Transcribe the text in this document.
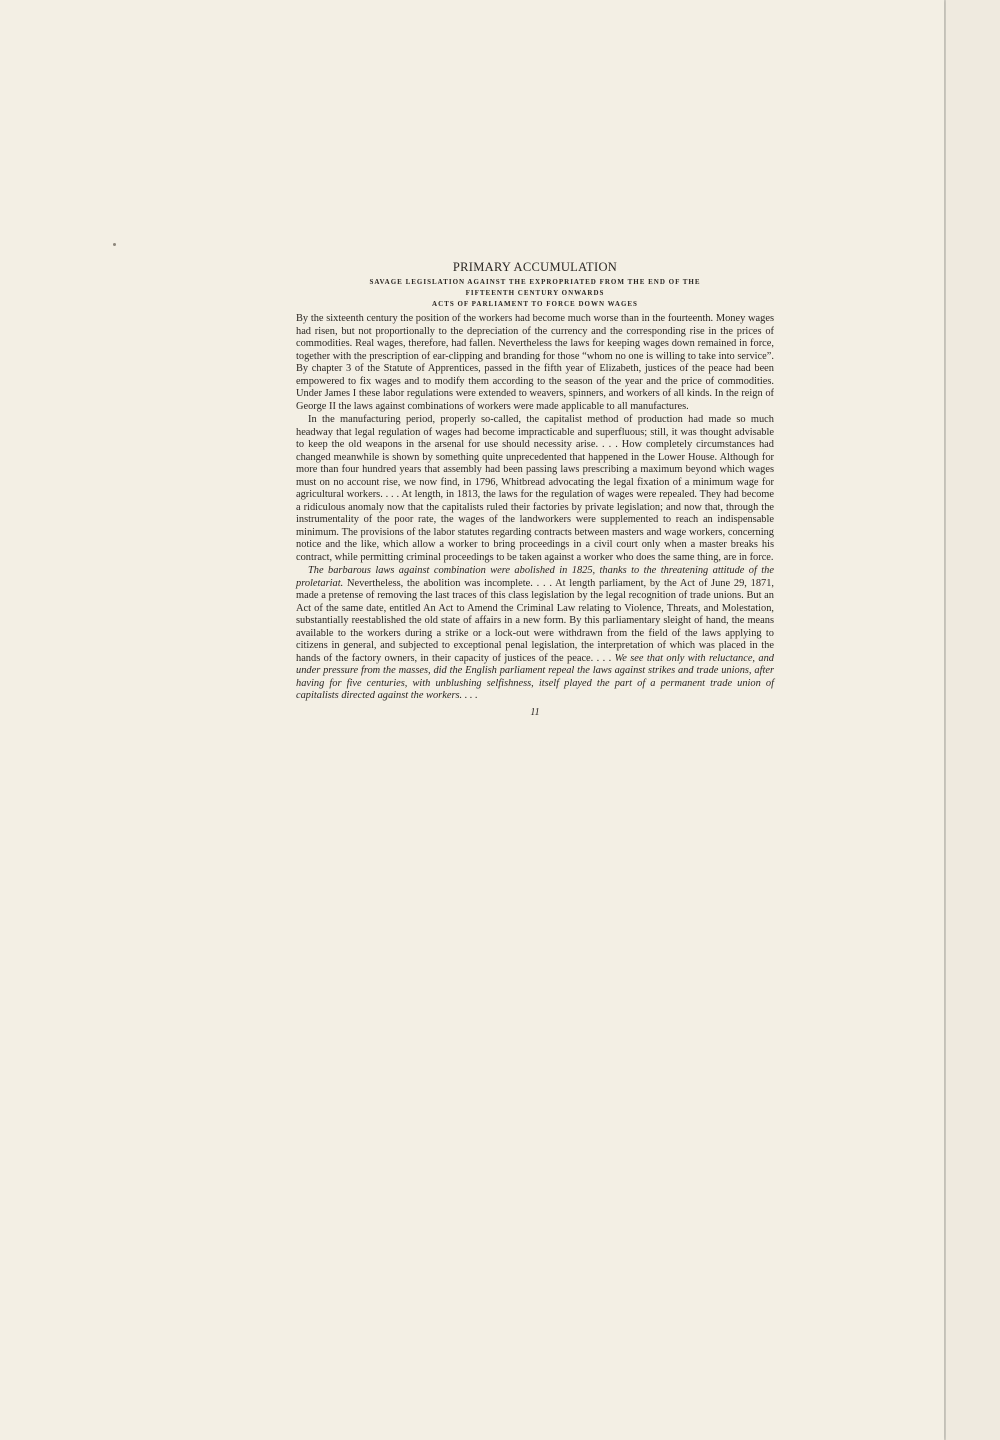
PRIMARY ACCUMULATION

SAVAGE LEGISLATION AGAINST THE EXPROPRIATED FROM THE END OF THE

FIFTEENTH CENTURY ONWARDS

ACTS OF PARLIAMENT TO FORCE DOWN WAGES

By the sixteenth century the position of the workers had become much worse than in the fourteenth. Money wages had risen, but not proportionally to the depreciation of the currency and the corresponding rise in the prices of commodities. Real wages, therefore, had fallen. Nevertheless the laws for keeping wages down remained in force, together with the prescription of ear-clipping and branding for those “whom no one is willing to take into service”. By chapter 3 of the Statute of Apprentices, passed in the fifth year of Elizabeth, justices of the peace had been empowered to fix wages and to modify them according to the season of the year and the price of commodities. Under James I these labor regulations were extended to weavers, spinners, and workers of all kinds. In the reign of George II the laws against combinations of workers were made applicable to all manufactures.

In the manufacturing period, properly so-called, the capitalist method of production had made so much headway that legal regulation of wages had become impracticable and superfluous; still, it was thought advisable to keep the old weapons in the arsenal for use should necessity arise. . . . How completely circumstances had changed meanwhile is shown by something quite unprecedented that happened in the Lower House. Although for more than four hundred years that assembly had been passing laws prescribing a maximum beyond which wages must on no account rise, we now find, in 1796, Whitbread advocating the legal fixation of a minimum wage for agricultural workers. . . . At length, in 1813, the laws for the regulation of wages were repealed. They had become a ridiculous anomaly now that the capitalists ruled their factories by private legislation; and now that, through the instrumentality of the poor rate, the wages of the landworkers were supplemented to reach an indispensable minimum. The provisions of the labor statutes regarding contracts between masters and wage workers, concerning notice and the like, which allow a worker to bring proceedings in a civil court only when a master breaks his contract, while permitting criminal proceedings to be taken against a worker who does the same thing, are in force.

The barbarous laws against combination were abolished in 1825, thanks to the threatening attitude of the proletariat. Nevertheless, the abolition was incomplete. . . . At length parliament, by the Act of June 29, 1871, made a pretense of removing the last traces of this class legislation by the legal recognition of trade unions. But an Act of the same date, entitled An Act to Amend the Criminal Law relating to Violence, Threats, and Molestation, substantially reestablished the old state of affairs in a new form. By this parliamentary sleight of hand, the means available to the workers during a strike or a lock-out were withdrawn from the field of the laws applying to citizens in general, and subjected to exceptional penal legislation, the interpretation of which was placed in the hands of the factory owners, in their capacity of justices of the peace. . . . We see that only with reluctance, and under pressure from the masses, did the English parliament repeal the laws against strikes and trade unions, after having for five centuries, with unblushing selfishness, itself played the part of a permanent trade union of capitalists directed against the workers. . . .

11
